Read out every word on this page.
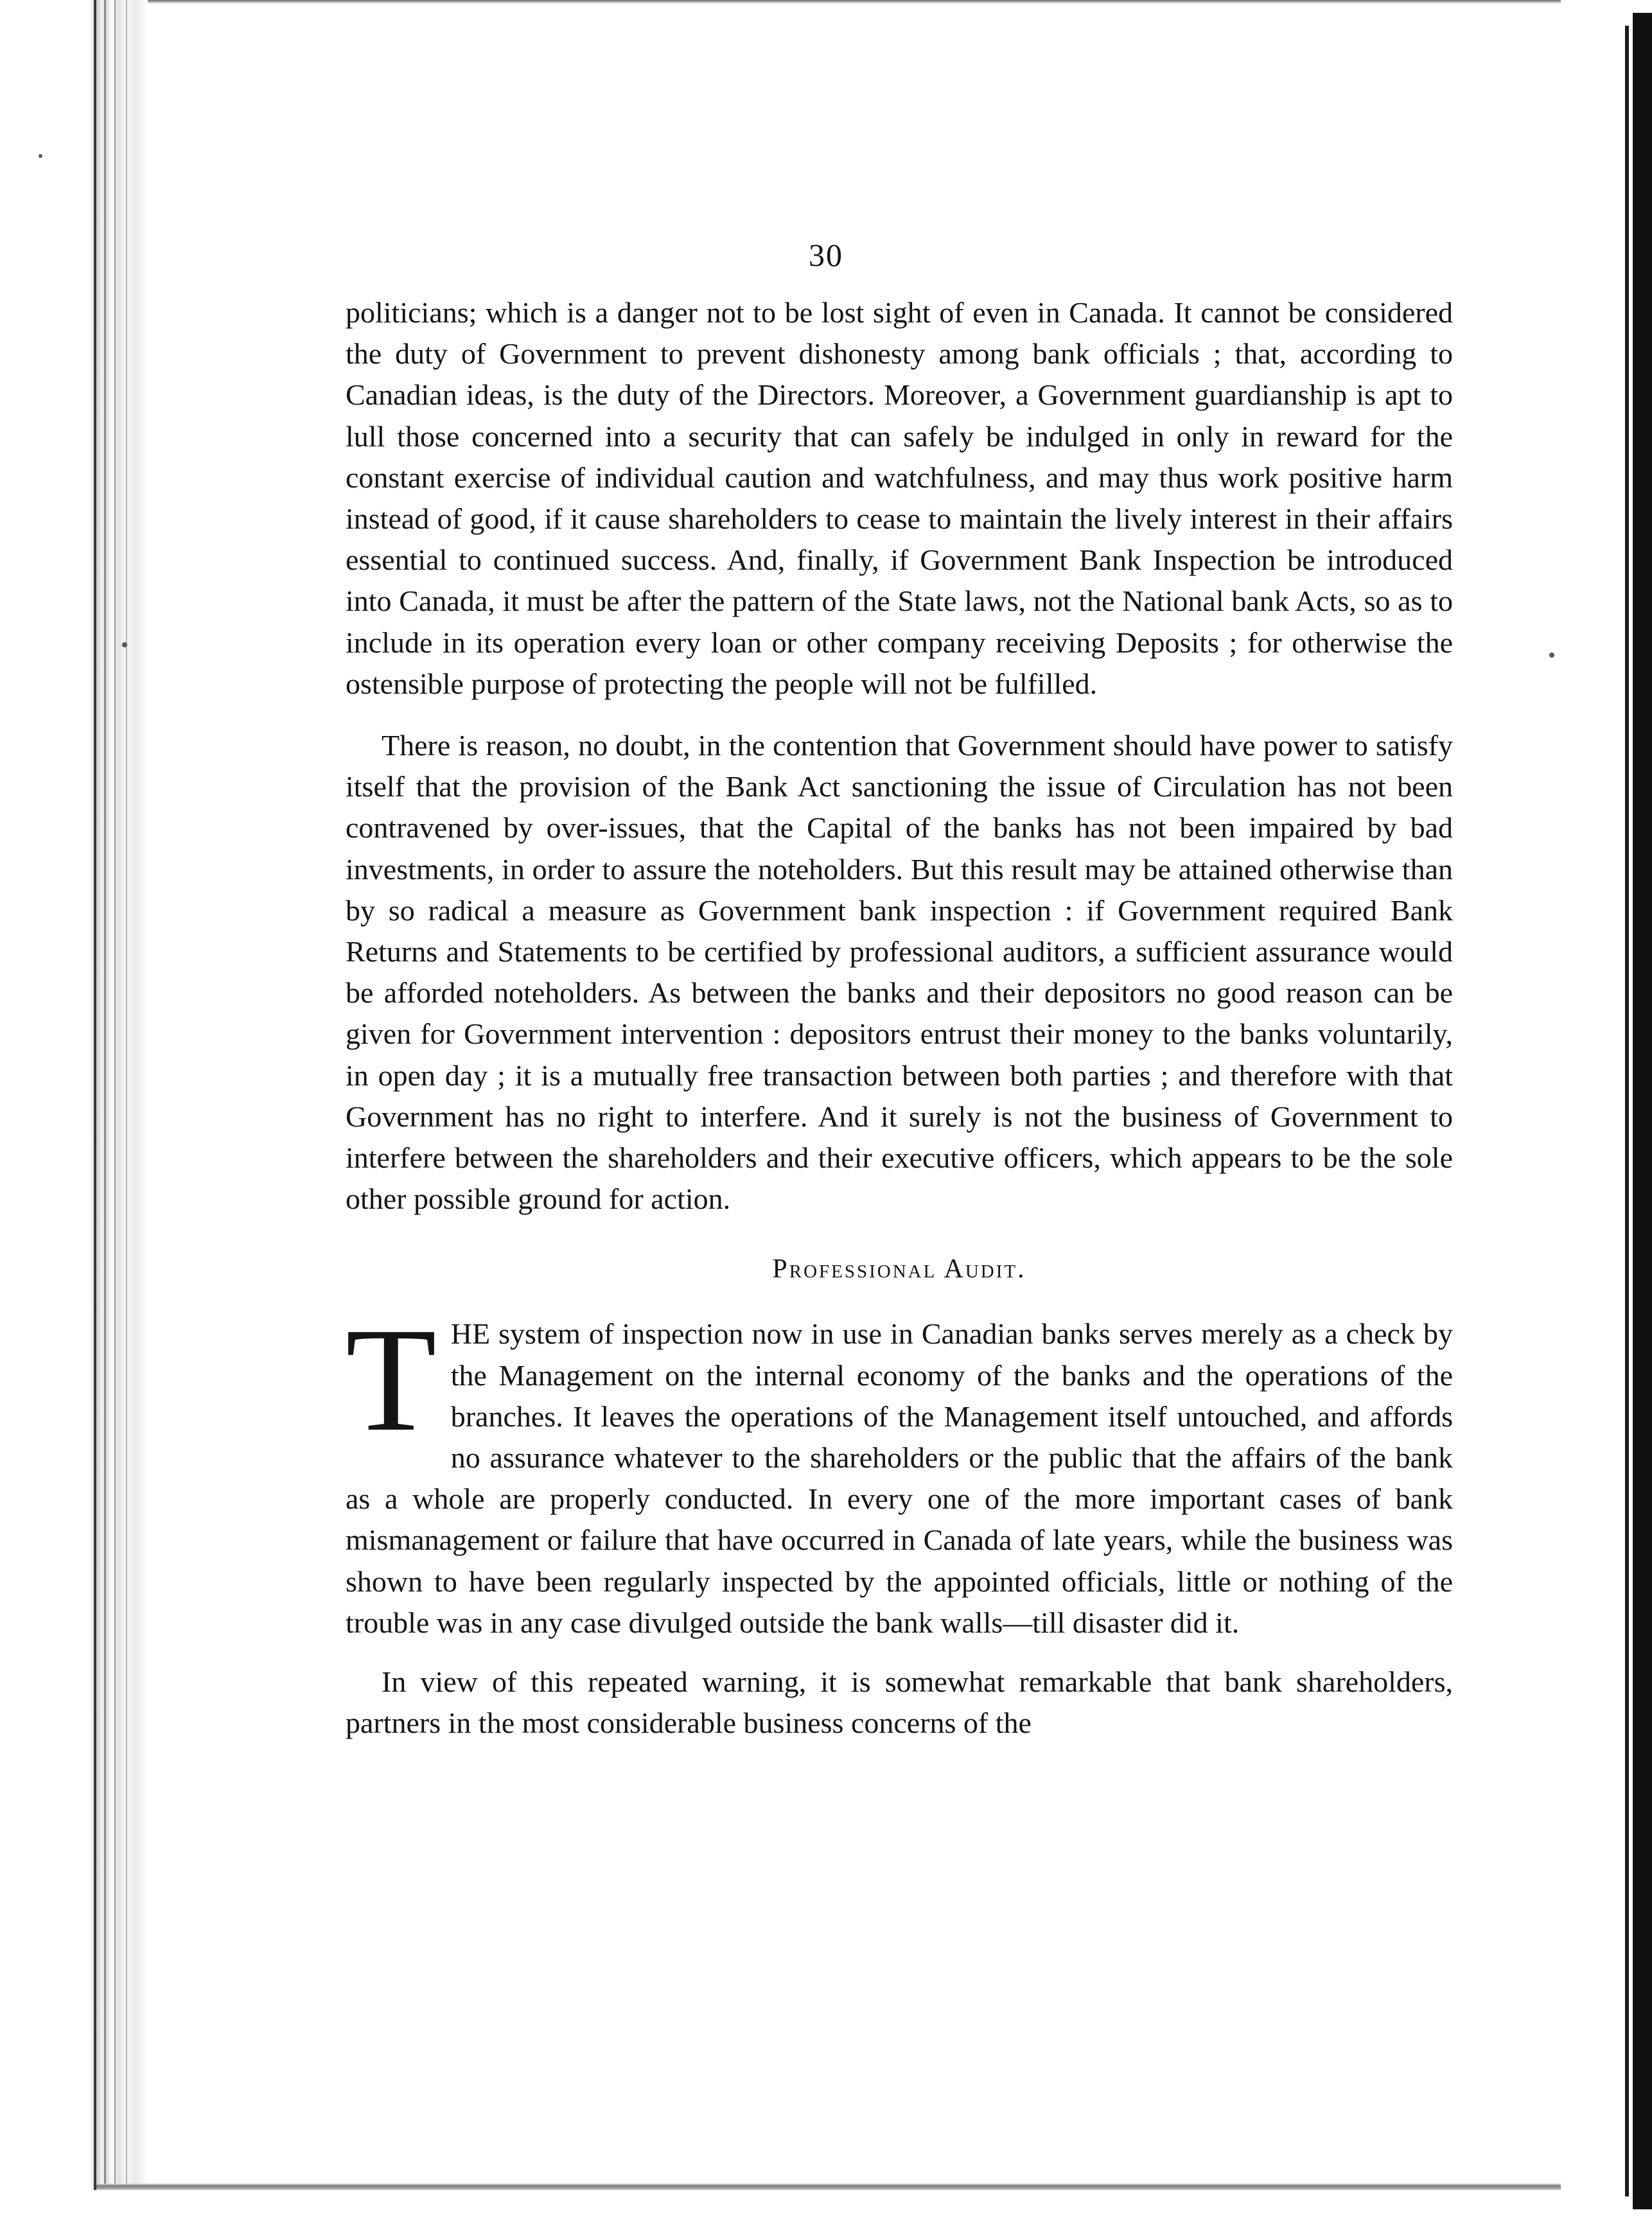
30

politicians; which is a danger not to be lost sight of even in Canada. It cannot be considered the duty of Government to prevent dishonesty among bank officials ; that, according to Canadian ideas, is the duty of the Directors. Moreover, a Government guardianship is apt to lull those concerned into a security that can safely be indulged in only in reward for the constant exercise of individual caution and watchfulness, and may thus work positive harm instead of good, if it cause shareholders to cease to maintain the lively interest in their affairs essential to continued success. And, finally, if Government Bank Inspection be introduced into Canada, it must be after the pattern of the State laws, not the National bank Acts, so as to include in its operation every loan or other company receiving Deposits ; for otherwise the ostensible purpose of protecting the people will not be fulfilled.

There is reason, no doubt, in the contention that Government should have power to satisfy itself that the provision of the Bank Act sanctioning the issue of Circulation has not been contravened by over-issues, that the Capital of the banks has not been impaired by bad investments, in order to assure the noteholders. But this result may be attained otherwise than by so radical a measure as Government bank inspection : if Government required Bank Returns and Statements to be certified by professional auditors, a sufficient assurance would be afforded noteholders. As between the banks and their depositors no good reason can be given for Government intervention : depositors entrust their money to the banks voluntarily, in open day ; it is a mutually free transaction between both parties ; and therefore with that Government has no right to interfere. And it surely is not the business of Government to interfere between the shareholders and their executive officers, which appears to be the sole other possible ground for action.

Professional Audit.

THE system of inspection now in use in Canadian banks serves merely as a check by the Management on the internal economy of the banks and the operations of the branches. It leaves the operations of the Management itself untouched, and affords no assurance whatever to the shareholders or the public that the affairs of the bank as a whole are properly conducted. In every one of the more important cases of bank mismanagement or failure that have occurred in Canada of late years, while the business was shown to have been regularly inspected by the appointed officials, little or nothing of the trouble was in any case divulged outside the bank walls—till disaster did it.

In view of this repeated warning, it is somewhat remarkable that bank shareholders, partners in the most considerable business concerns of the
